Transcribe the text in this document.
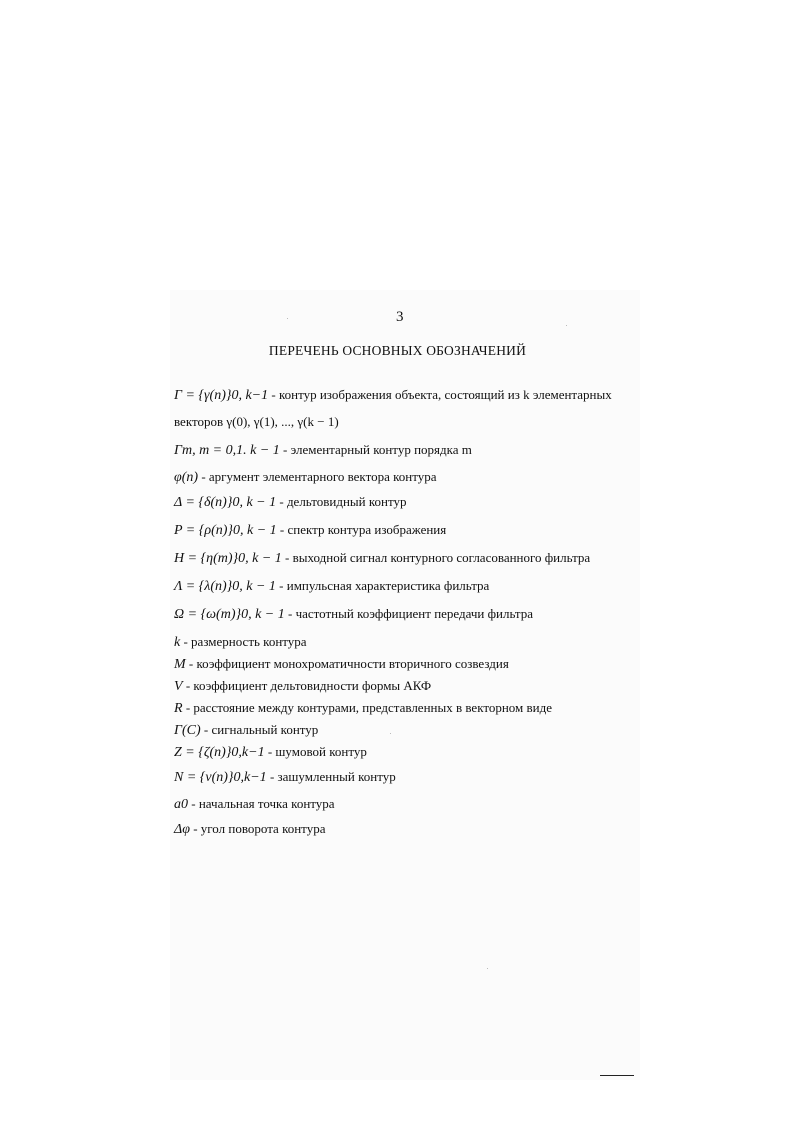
3
ПЕРЕЧЕНЬ ОСНОВНЫХ ОБОЗНАЧЕНИЙ
Γ = {γ(n)}0, k−1 - контур изображения объекта, состоящий из k элементарных
векторов γ(0), γ(1), ..., γ(k − 1)
Γm, m = 0,1. k − 1 - элементарный контур порядка m
φ(n) - аргумент элементарного вектора контура
Δ = {δ(n)}0, k − 1 - дельтовидный контур
P = {ρ(n)}0, k − 1 - спектр контура изображения
H = {η(m)}0, k − 1 - выходной сигнал контурного согласованного фильтра
Λ = {λ(n)}0, k − 1 - импульсная характеристика фильтра
Ω = {ω(m)}0, k − 1 - частотный коэффициент передачи фильтра
k - размерность контура
M - коэффициент монохроматичности вторичного созвездия
V - коэффициент дельтовидности формы АКФ
R - расстояние между контурами, представленных в векторном виде
Γ(C) - сигнальный контур
Z = {ζ(n)}0,k−1 - шумовой контур
N = {ν(n)}0,k−1 - зашумленный контур
a0 - начальная точка контура
Δφ - угол поворота контура
